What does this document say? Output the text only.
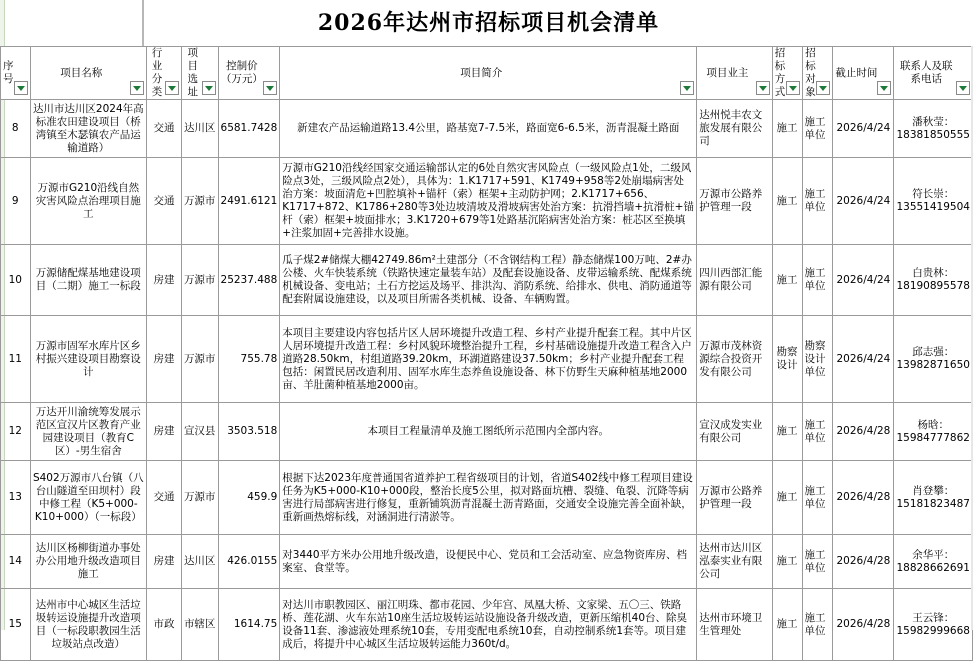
2026年达州市招标项目机会清单
序号	项目名称	行业分类	项目选址	控制价（万元）	项目简介	项目业主	招标方式	招标对象	截止时间	联系人及联系电话

8	达川市达川区2024年高标准农田建设项目（桥湾镇至木瑟镇农产品运输道路）	交通	达川区	6581.7428	新建农产品运输道路13.4公里，路基宽7-7.5米，路面宽6-6.5米，沥青混凝土路面	达州悦丰农文旅发展有限公司	施工	施工单位	2026/4/24	潘秋莹：18381850555
9	万源市G210沿线自然灾害风险点治理项目施工	交通	万源市	2491.6121	万源市G210沿线经国家交通运输部认定的6处自然灾害风险点（一级风险点1处，二级风险点3处，三级风险点2处），具体为：1.K1717+591、K1749+958等2处崩塌病害处治方案：坡面清危+凹腔填补+锚杆（索）框架+主动防护网；2.K1717+656、K1717+872、K1786+280等3处边坡清坡及滑坡病害处治方案：抗滑挡墙+抗滑桩+锚杆（索）框架+坡面排水；3.K1720+679等1处路基沉陷病害处治方案：桩芯区至换填+注浆加固+完善排水设施。	万源市公路养护管理一段	施工	施工单位	2026/4/24	符长崇：13551419504
10	万源储配煤基地建设项目（二期）施工一标段	房建	万源市	25237.488	瓜子煤2#储煤大棚42749.86m²土建部分（不含钢结构工程）静态储煤100万吨、2#办公楼、火车快装系统（铁路快速定量装车站）及配套设施设备、皮带运输系统、配煤系统机械设备、变电站；土石方挖运及场平、排洪沟、消防系统、给排水、供电、消防通道等配套附属设施建设，以及项目所需各类机械、设备、车辆购置。	四川西部汇能源有限公司	施工	施工单位	2026/4/24	白贵林：18190895578
11	万源市固军水库片区乡村振兴建设项目勘察设计	房建	万源市	755.78	本项目主要建设内容包括片区人居环境提升改造工程、乡村产业提升配套工程。其中片区人居环境提升改造工程：乡村风貌环境整治提升工程，乡村基础设施提升改造工程含入户道路28.50km，村组道路39.20km，环湖道路建设37.50km；乡村产业提升配套工程包括：闲置民居改造利用、固军水库生态养鱼设施设备、林下仿野生天麻种植基地2000亩、羊肚菌种植基地2000亩。	万源市茂林资源综合投资开发有限公司	勘察设计	勘察设计单位	2026/4/24	邱志强：13982871650
12	万达开川渝统筹发展示范区宣汉片区教育产业园建设项目（教育C区）-男生宿舍	房建	宣汉县	3503.518	本项目工程量清单及施工图纸所示范围内全部内容。	宣汉成发实业有限公司	施工	施工单位	2026/4/28	杨晗：15984777862
13	S402万源市八台镇（八台山隧道至田坝村）段中修工程（K5+000-K10+000）（一标段）	交通	万源市	459.9	根据下达2023年度普通国省道养护工程省级项目的计划，省道S402线中修工程项目建设任务为K5+000-K10+000段，整治长度5公里，拟对路面坑槽、裂缝、龟裂、沉降等病害进行局部病害进行修复，重新铺筑沥青混凝土沥青路面，交通安全设施完善全面补缺，重新画热熔标线，对涵洞进行清淤等。	万源市公路养护管理一段	施工	施工单位	2026/4/28	肖登攀：15181823487
14	达川区杨柳街道办事处办公用地升级改造项目施工	房建	达川区	426.0155	对3440平方米办公用地升级改造，设便民中心、党员和工会活动室、应急物资库房、档案室、食堂等。	达州市达川区泓泰实业有限公司	施工	施工单位	2026/4/28	余华平：18828662691
15	达州市中心城区生活垃圾转运设施提升改造项目（一标段职教园生活垃圾站点改造）	市政	市辖区	1614.75	对达川市职教园区、丽江明珠、都市花园、少年宫、凤凰大桥、文家梁、五〇三、铁路桥、莲花湖、火车东站10座生活垃圾转运站设施设备升级改造，更新压缩机40台、除臭设备11套、渗滤液处理系统10套，专用变配电系统10套，自动控制系统1套等。项目建成后，将提升中心城区生活垃圾转运能力360t/d。	达州市环境卫生管理处	施工	施工单位	2026/4/28	王云锋：15982999668
